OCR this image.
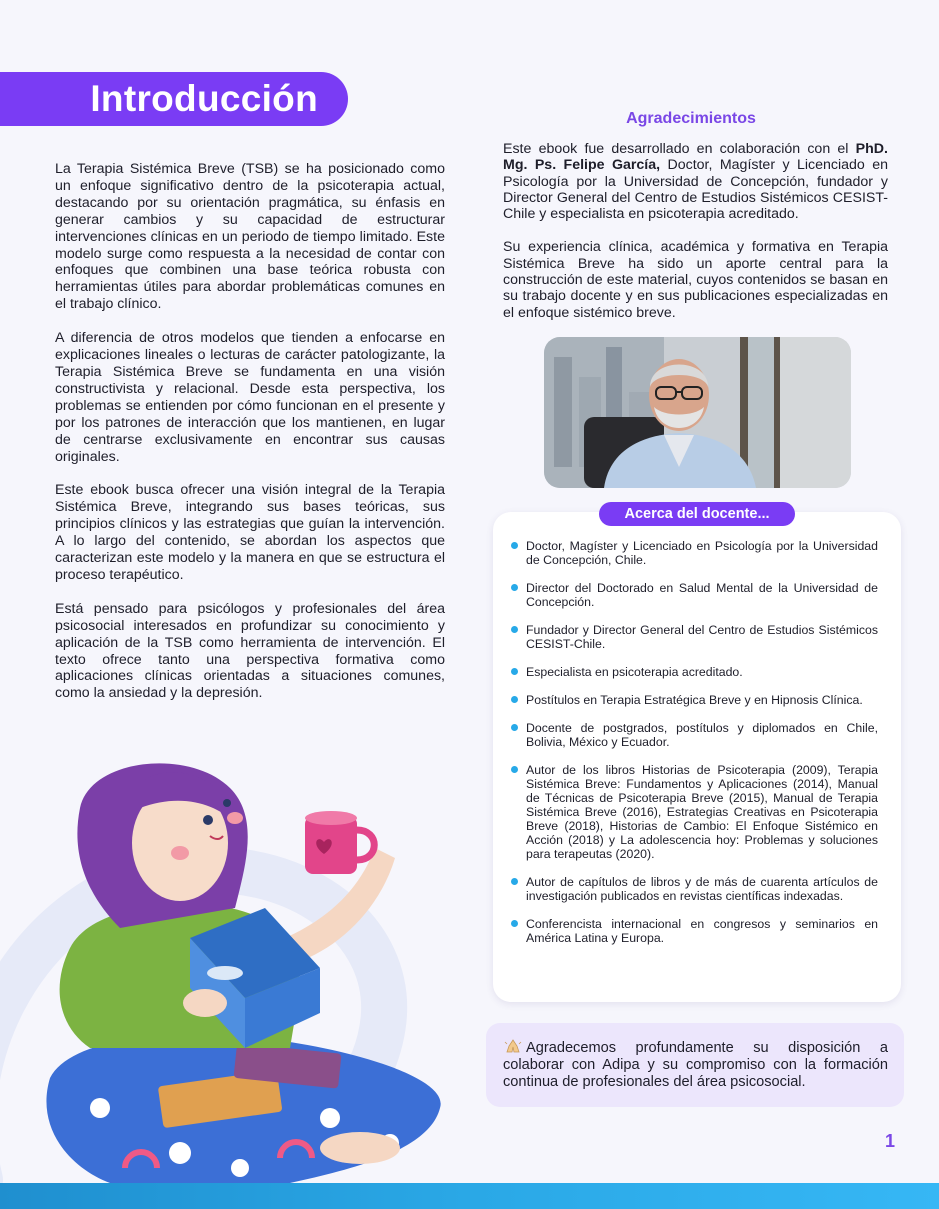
Introducción

La Terapia Sistémica Breve (TSB) se ha posicionado como un enfoque significativo dentro de la psicoterapia actual, destacando por su orientación pragmática, su énfasis en generar cambios y su capacidad de estructurar intervenciones clínicas en un periodo de tiempo limitado. Este modelo surge como respuesta a la necesidad de contar con enfoques que combinen una base teórica robusta con herramientas útiles para abordar problemáticas comunes en el trabajo clínico.

A diferencia de otros modelos que tienden a enfocarse en explicaciones lineales o lecturas de carácter patologizante, la Terapia Sistémica Breve se fundamenta en una visión constructivista y relacional. Desde esta perspectiva, los problemas se entienden por cómo funcionan en el presente y por los patrones de interacción que los mantienen, en lugar de centrarse exclusivamente en encontrar sus causas originales.

Este ebook busca ofrecer una visión integral de la Terapia Sistémica Breve, integrando sus bases teóricas, sus principios clínicos y las estrategias que guían la intervención. A lo largo del contenido, se abordan los aspectos que caracterizan este modelo y la manera en que se estructura el proceso terapéutico.

Está pensado para psicólogos y profesionales del área psicosocial interesados en profundizar su conocimiento y aplicación de la TSB como herramienta de intervención. El texto ofrece tanto una perspectiva formativa como aplicaciones clínicas orientadas a situaciones comunes, como la ansiedad y la depresión.

Agradecimientos

Este ebook fue desarrollado en colaboración con el PhD. Mg. Ps. Felipe García, Doctor, Magíster y Licenciado en Psicología por la Universidad de Concepción, fundador y Director General del Centro de Estudios Sistémicos CESIST-Chile y especialista en psicoterapia acreditado.

Su experiencia clínica, académica y formativa en Terapia Sistémica Breve ha sido un aporte central para la construcción de este material, cuyos contenidos se basan en su trabajo docente y en sus publicaciones especializadas en el enfoque sistémico breve.

Acerca del docente...
Doctor, Magíster y Licenciado en Psicología por la Universidad de Concepción, Chile.
Director del Doctorado en Salud Mental de la Universidad de Concepción.
Fundador y Director General del Centro de Estudios Sistémicos CESIST-Chile.
Especialista en psicoterapia acreditado.
Postítulos en Terapia Estratégica Breve y en Hipnosis Clínica.
Docente de postgrados, postítulos y diplomados en Chile, Bolivia, México y Ecuador.
Autor de los libros Historias de Psicoterapia (2009), Terapia Sistémica Breve: Fundamentos y Aplicaciones (2014), Manual de Técnicas de Psicoterapia Breve (2015), Manual de Terapia Sistémica Breve (2016), Estrategias Creativas en Psicoterapia Breve (2018), Historias de Cambio: El Enfoque Sistémico en Acción (2018) y La adolescencia hoy: Problemas y soluciones para terapeutas (2020).
Autor de capítulos de libros y de más de cuarenta artículos de investigación publicados en revistas científicas indexadas.
Conferencista internacional en congresos y seminarios en América Latina y Europa.
Agradecemos profundamente su disposición a colaborar con Adipa y su compromiso con la formación continua de profesionales del área psicosocial.
1
